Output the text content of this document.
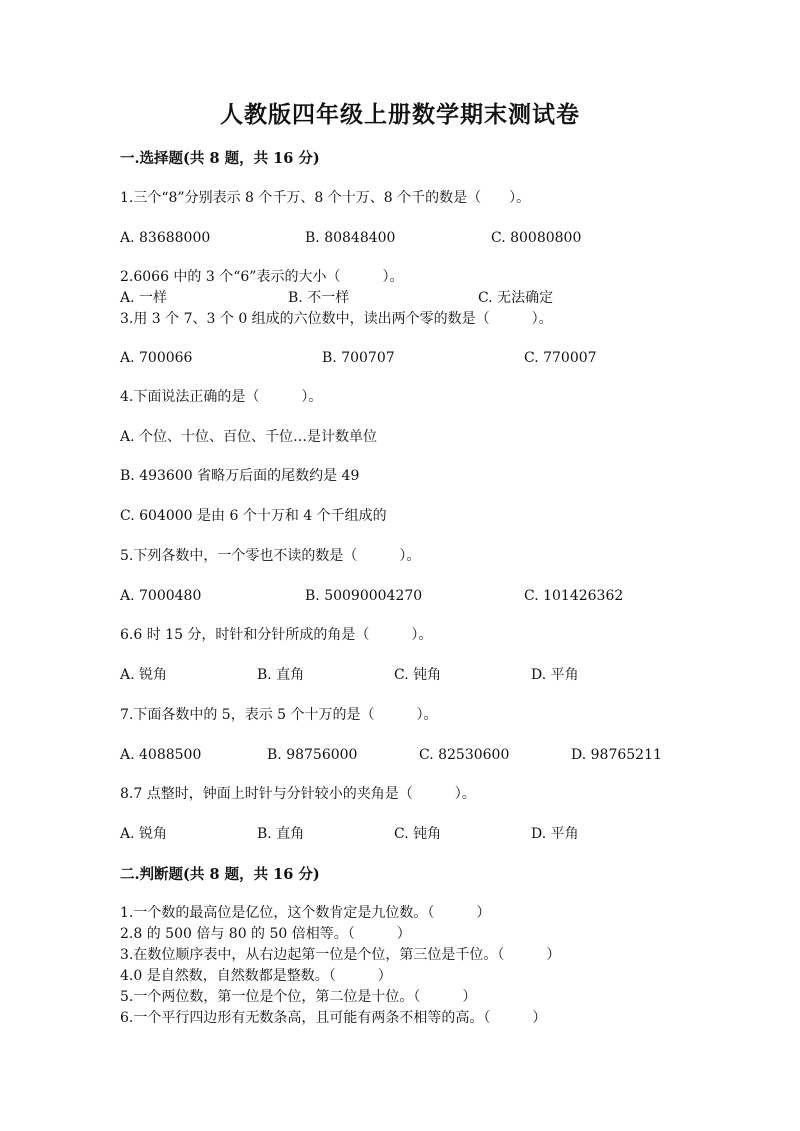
人教版四年级上册数学期末测试卷
一.选择题(共 8 题，共 16 分)
1.三个“8”分别表示 8 个千万、8 个十万、8 个千的数是（　　）。
A. 83688000	B. 80848400	C. 80080800
2.6066 中的 3 个“6”表示的大小（　　　）。
A. 一样	B. 不一样	C. 无法确定
3.用 3 个 7、3 个 0 组成的六位数中，读出两个零的数是（　　　）。
A. 700066	B. 700707	C. 770007
4.下面说法正确的是（　　　）。
A. 个位、十位、百位、千位…是计数单位
B. 493600 省略万后面的尾数约是 49
C. 604000 是由 6 个十万和 4 个千组成的
5.下列各数中，一个零也不读的数是（　　　）。
A. 7000480	B. 50090004270	C. 101426362
6.6 时 15 分，时针和分针所成的角是（　　　）。
A. 锐角	B. 直角	C. 钝角	D. 平角
7.下面各数中的 5，表示 5 个十万的是（　　　）。
A. 4088500	B. 98756000	C. 82530600	D. 98765211
8.7 点整时，钟面上时针与分针较小的夹角是（　　　）。
A. 锐角	B. 直角	C. 钝角	D. 平角
二.判断题(共 8 题，共 16 分)
1.一个数的最高位是亿位，这个数肯定是九位数。（　　　）
2.8 的 500 倍与 80 的 50 倍相等。（　　　）
3.在数位顺序表中，从右边起第一位是个位，第三位是千位。（　　　）
4.0 是自然数，自然数都是整数。（　　　）
5.一个两位数，第一位是个位，第二位是十位。（　　　）
6.一个平行四边形有无数条高，且可能有两条不相等的高。（　　　）
